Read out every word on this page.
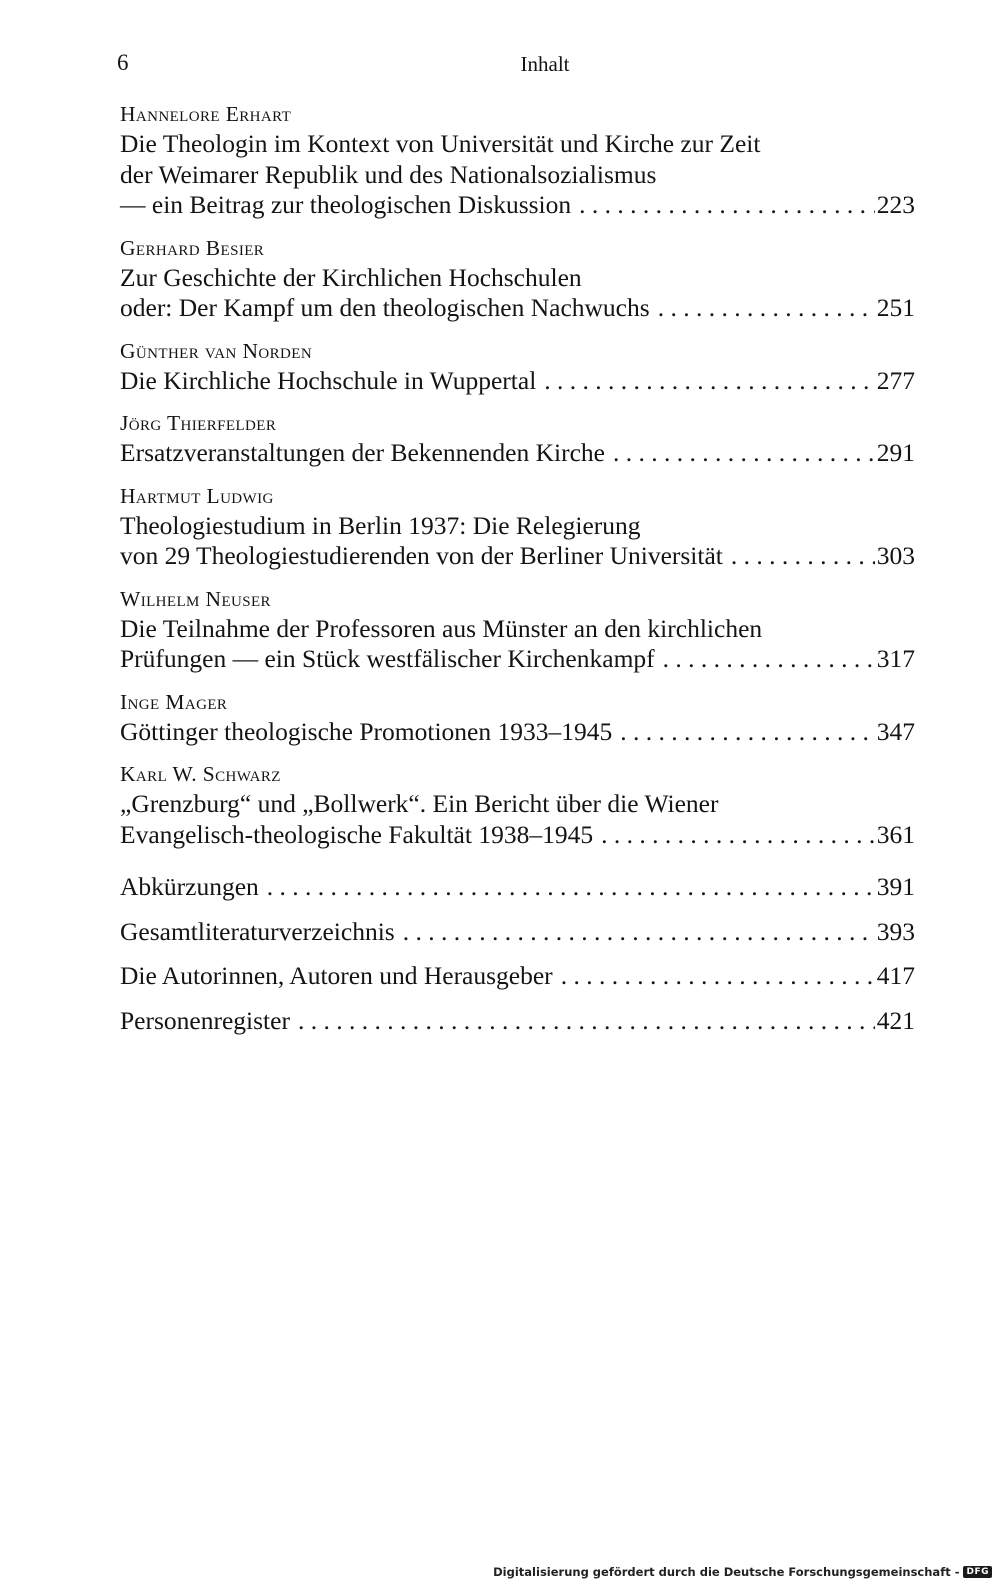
6	Inhalt
Hannelore Erhart
Die Theologin im Kontext von Universität und Kirche zur Zeit
der Weimarer Republik und des Nationalsozialismus
— ein Beitrag zur theologischen Diskussion . . .	223
Gerhard Besier
Zur Geschichte der Kirchlichen Hochschulen
oder: Der Kampf um den theologischen Nachwuchs . . .	251
Günther van Norden
Die Kirchliche Hochschule in Wuppertal . . .	277
Jörg Thierfelder
Ersatzveranstaltungen der Bekennenden Kirche . . .	291
Hartmut Ludwig
Theologiestudium in Berlin 1937: Die Relegierung
von 29 Theologiestudierenden von der Berliner Universität . . .	303
Wilhelm Neuser
Die Teilnahme der Professoren aus Münster an den kirchlichen
Prüfungen — ein Stück westfälischer Kirchenkampf . . .	317
Inge Mager
Göttinger theologische Promotionen 1933–1945 . . .	347
Karl W. Schwarz
„Grenzburg“ und „Bollwerk“. Ein Bericht über die Wiener
Evangelisch-theologische Fakultät 1938–1945 . . .	361
Abkürzungen . . .	391
Gesamtliteraturverzeichnis . . .	393
Die Autorinnen, Autoren und Herausgeber . . .	417
Personenregister . . .	421
Digitalisierung gefördert durch die Deutsche Forschungsgemeinschaft - DFG
